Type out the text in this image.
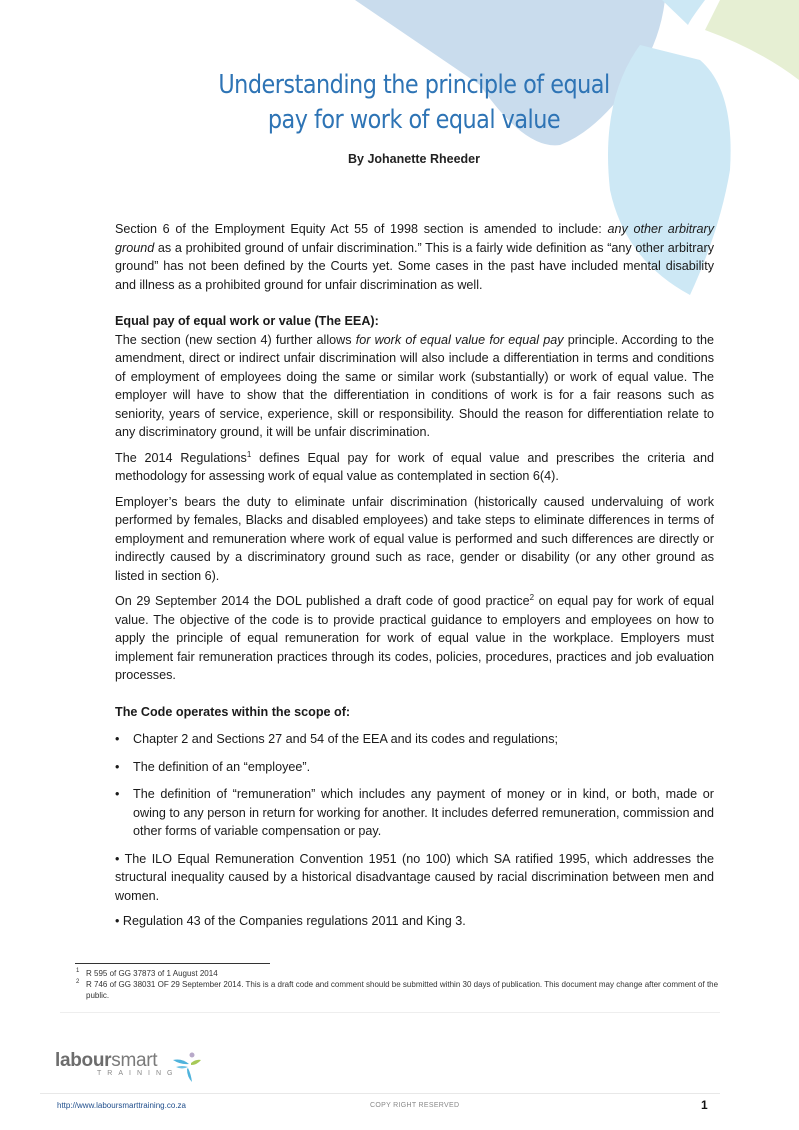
Understanding the principle of equal
pay for work of equal value
By Johanette Rheeder

Section 6 of the Employment Equity Act 55 of 1998 section is amended to include: any other arbitrary ground as a prohibited ground of unfair discrimination.” This is a fairly wide definition as “any other arbitrary ground” has not been defined by the Courts yet. Some cases in the past have included mental disability and illness as a prohibited ground for unfair discrimination as well.

Equal pay of equal work or value (The EEA):

The section (new section 4) further allows for work of equal value for equal pay principle. According to the amendment, direct or indirect unfair discrimination will also include a differentiation in terms and conditions of employment of employees doing the same or similar work (substantially) or work of equal value. The employer will have to show that the differentiation in conditions of work is for a fair reasons such as seniority, years of service, experience, skill or responsibility. Should the reason for differentiation relate to any discriminatory ground, it will be unfair discrimination.

The 2014 Regulations$^1$ defines Equal pay for work of equal value and prescribes the criteria and methodology for assessing work of equal value as contemplated in section 6(4).

Employer’s bears the duty to eliminate unfair discrimination (historically caused undervaluing of work performed by females, Blacks and disabled employees) and take steps to eliminate differences in terms of employment and remuneration where work of equal value is performed and such differences are directly or indirectly caused by a discriminatory ground such as race, gender or disability (or any other ground as listed in section 6).

On 29 September 2014 the DOL published a draft code of good practice$^2$ on equal pay for work of equal value. The objective of the code is to provide practical guidance to employers and employees on how to apply the principle of equal remuneration for work of equal value in the workplace. Employers must implement fair remuneration practices through its codes, policies, procedures, practices and job evaluation processes.

The Code operates within the scope of:

• Chapter 2 and Sections 27 and 54 of the EEA and its codes and regulations;
• The definition of an “employee”.
• The definition of “remuneration” which includes any payment of money or in kind, or both, made or owing to any person in return for working for another. It includes deferred remuneration, commission and other forms of variable compensation or pay.

• The ILO Equal Remuneration Convention 1951 (no 100) which SA ratified 1995, which addresses the structural inequality caused by a historical disadvantage caused by racial discrimination between men and women.

• Regulation 43 of the Companies regulations 2011 and King 3.

1 R 595 of GG 37873 of 1 August 2014
2 R 746 of GG 38031 OF 29 September 2014. This is a draft code and comment should be submitted within 30 days of publication. This document may change after comment of the public.
laboursmart
TRAINING
http://www.laboursmarttraining.co.za	COPY RIGHT RESERVED	1
